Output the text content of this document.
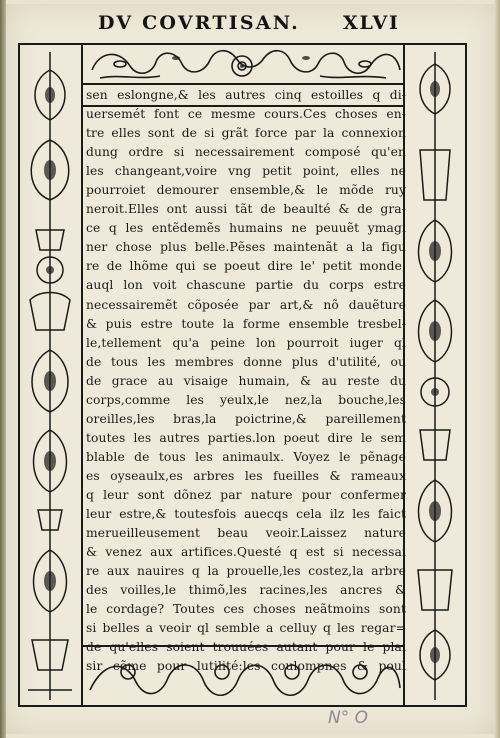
DV COVRTISAN. XLVI
sen eslongne,& les autres cinq estoilles q di-
uersemét font ce mesme cours.Ces choses en-
tre elles sont de si grãt force par la connexion
dung ordre si necessairement composé qu'en
les changeant,voire vng petit point, elles ne
pourroiet demourer ensemble,& le mõde ruy
neroit.Elles ont aussi tãt de beaulté & de gra-
ce q les entẽdemẽs humains ne peuuẽt ymagi
ner chose plus belle.Pẽses maintenãt a la figu
re de lhõme qui se poeut dire le' petit monde,
auql lon voit chascune partie du corps estre
necessairemẽt cõposée par art,& nõ dauẽture
& puis estre toute la forme ensemble tresbel-
le,tellement qu'a peine lon pourroit iuger ql
de tous les membres donne plus d'utilité, ou
de grace au visaige humain, & au reste du
corps,comme les yeulx,le nez,la bouche,les
oreilles,les bras,la poictrine,& pareillement
toutes les autres parties.lon poeut dire le sem
blable de tous les animaulx. Voyez le pẽnage
es oyseaulx,es arbres les fueilles & rameaux
q leur sont dõnez par nature pour confermer
leur estre,& toutesfois auecqs cela ilz les faict
merueilleusement beau veoir.Laissez nature
& venez aux artifices.Questé q est si necessai
re aux nauires q la prouelle,les costez,la arbre
des voilles,le thimõ,les racines,les ancres &
le cordage? Toutes ces choses neãtmoins sont
si belles a veoir ql semble a celluy q les regar=
de qu'elles soient trouuées autant pour le plai
sir cõme pour lutilité:les coulompnes & poul
N° O
